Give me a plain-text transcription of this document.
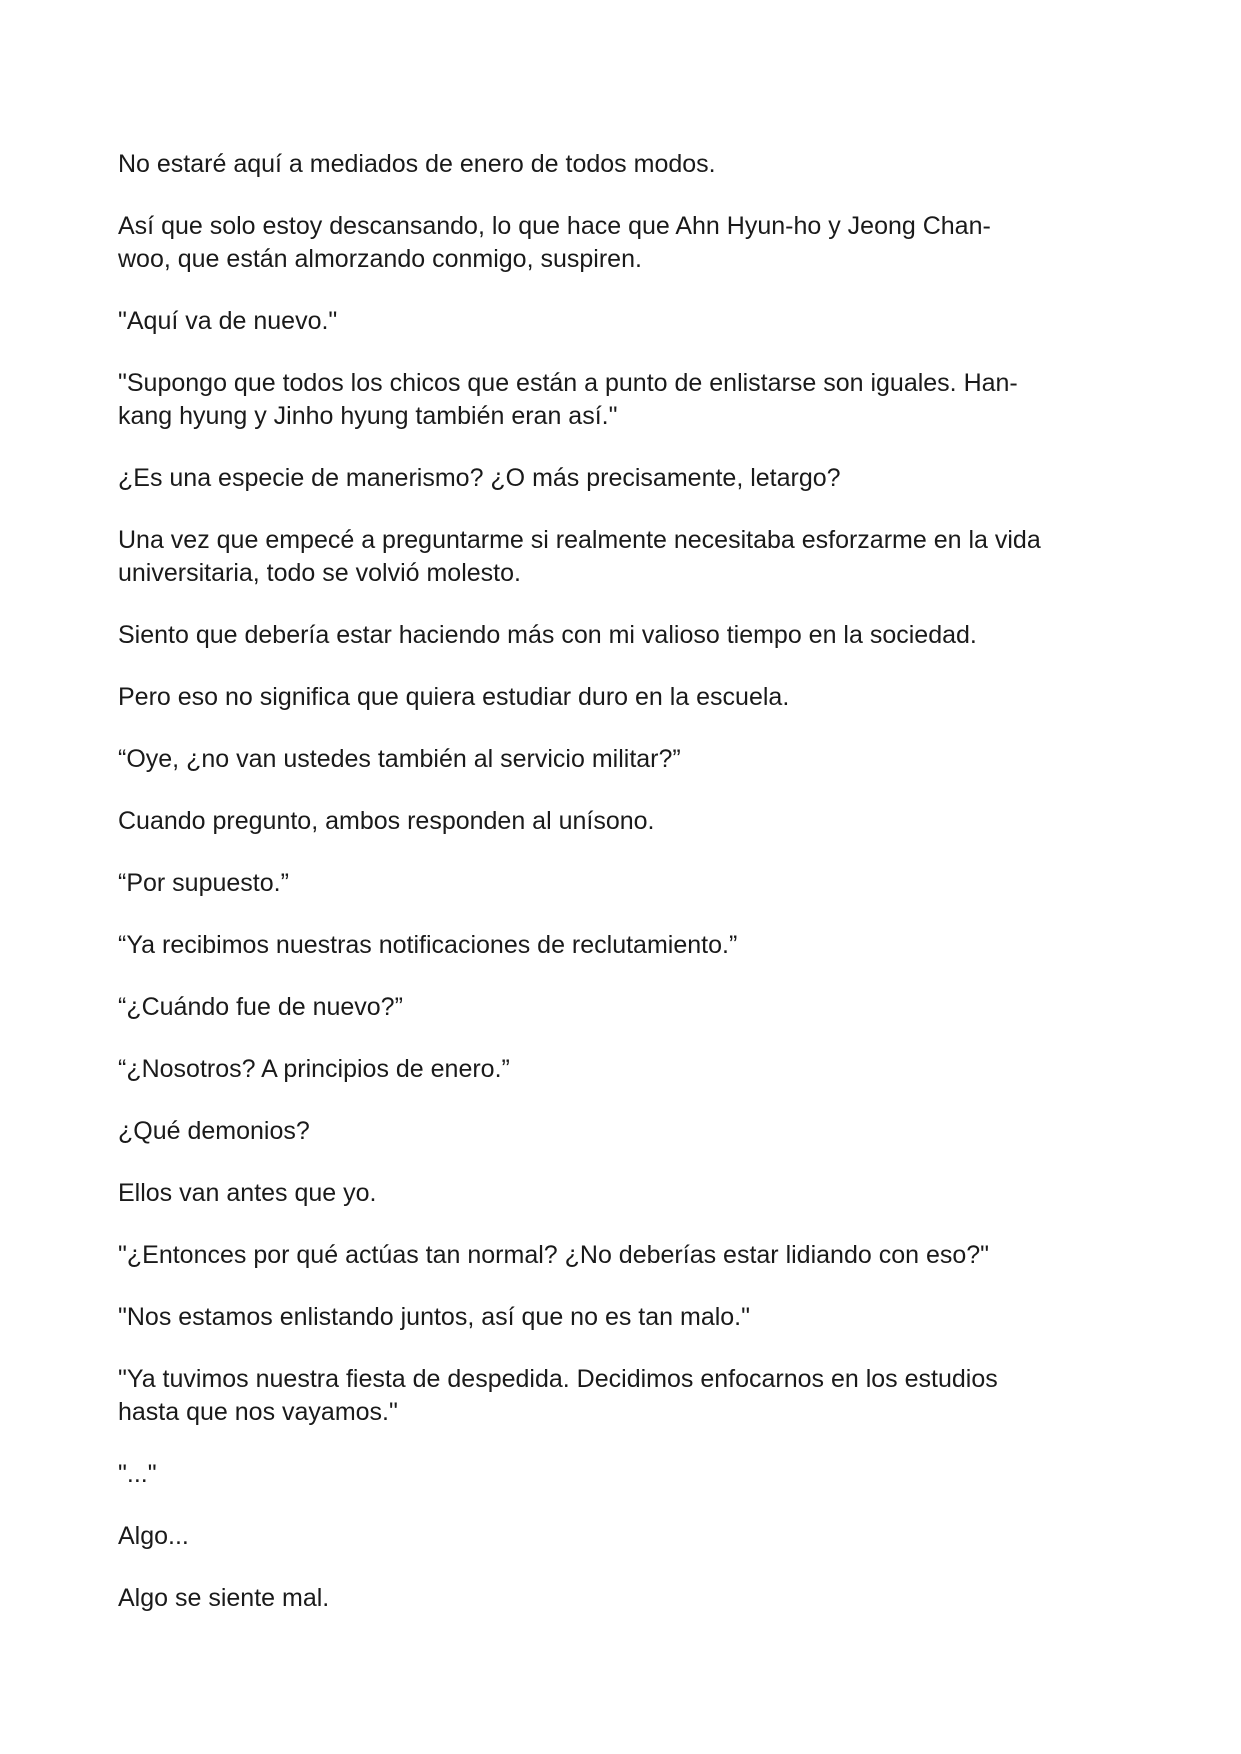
No estaré aquí a mediados de enero de todos modos.

Así que solo estoy descansando, lo que hace que Ahn Hyun-ho y Jeong Chan-
woo, que están almorzando conmigo, suspiren.

"Aquí va de nuevo."

"Supongo que todos los chicos que están a punto de enlistarse son iguales. Han-
kang hyung y Jinho hyung también eran así."

¿Es una especie de manerismo? ¿O más precisamente, letargo?

Una vez que empecé a preguntarme si realmente necesitaba esforzarme en la vida
universitaria, todo se volvió molesto.

Siento que debería estar haciendo más con mi valioso tiempo en la sociedad.

Pero eso no significa que quiera estudiar duro en la escuela.

“Oye, ¿no van ustedes también al servicio militar?”

Cuando pregunto, ambos responden al unísono.

“Por supuesto.”

“Ya recibimos nuestras notificaciones de reclutamiento.”

“¿Cuándo fue de nuevo?”

“¿Nosotros? A principios de enero.”

¿Qué demonios?

Ellos van antes que yo.

"¿Entonces por qué actúas tan normal? ¿No deberías estar lidiando con eso?"

"Nos estamos enlistando juntos, así que no es tan malo."

"Ya tuvimos nuestra fiesta de despedida. Decidimos enfocarnos en los estudios
hasta que nos vayamos."

"..."

Algo...

Algo se siente mal.
